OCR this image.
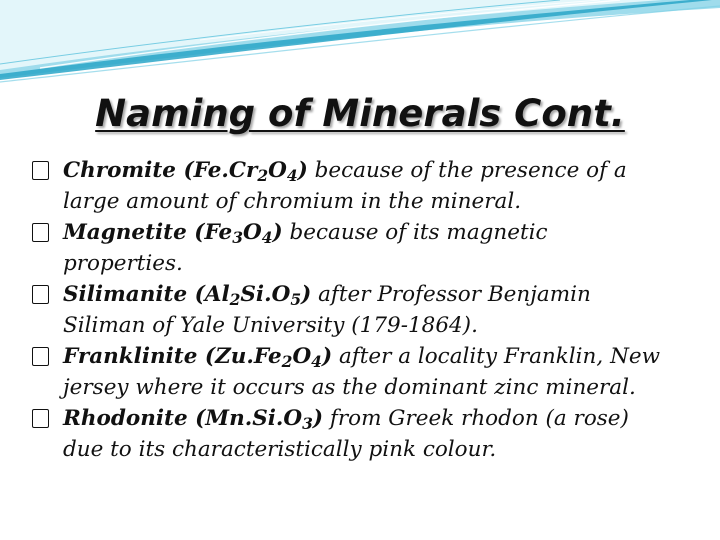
Naming of Minerals Cont.
Chromite $(Fe.Cr_2O_4)$ because of the presence of a
large amount of chromium in the mineral.
Magnetite $(Fe_3O_4)$ because of its magnetic
properties.
Silimanite $(Al_2Si.O_5)$ after Professor Benjamin
Siliman of Yale University (179-1864).
Franklinite $(Zu.Fe_2O_4)$ after a locality Franklin, New
jersey where it occurs as the dominant zinc mineral.
Rhodonite $(Mn.Si.O_3)$ from Greek rhodon (a rose)
due to its characteristically pink colour.
